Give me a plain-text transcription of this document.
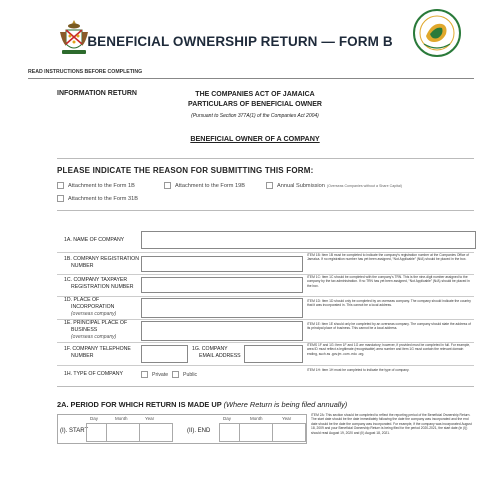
BENEFICIAL OWNERSHIP RETURN — FORM B
READ INSTRUCTIONS BEFORE COMPLETING
INFORMATION RETURN	THE COMPANIES ACT OF JAMAICA
PARTICULARS OF BENEFICIAL OWNER
(Pursuant to Section 377A(1) of the Companies Act 2004)
BENEFICIAL OWNER OF A COMPANY
PLEASE INDICATE THE REASON FOR SUBMITTING THIS FORM:
Attachment to the Form 1B	Attachment to the Form 19B	Annual Submission (Overseas Companies without a Share Capital)
Attachment to the Form 31B
1A. NAME OF COMPANY
1B. COMPANY REGISTRATION
NUMBER
ITEM 1B: Item 1B must be completed to indicate the company’s registration number at the Companies Office of Jamaica. If no registration number has yet been assigned, “Not Applicable” (N/A) should be placed in the box.
1C. COMPANY TAXPAYER
REGISTRATION NUMBER
ITEM 1C: Item 1C should be completed with the company’s TRN. This is the nine-digit number assigned to the company by the tax administration. If no TRN has yet been assigned, “Not Applicable” (N/A) should be placed in the box.
1D. PLACE OF
INCORPORATION
(overseas company)
ITEM 1D: Item 1D should only be completed by an overseas company. The company should indicate the country that it was incorporated in. This cannot be a local address.
1E. PRINCIPAL PLACE OF
BUSINESS
(overseas company)
ITEM 1E: Item 1E should only be completed by an overseas company. The company should state the address of its principal place of business. This cannot be a local address.
1F. COMPANY TELEPHONE
NUMBER
1G. COMPANY
EMAIL ADDRESS
ITEMS 1F and 1G: Item 1F and 1G are mandatory; however, if provided must be completed in full. For example, area ID must reflect a legitimate (recognisable) area number and item 1G must contain the relevant domain ending, such as .gov.jm .com .edu .org.
1H. TYPE OF COMPANY	Private	Public
ITEM 1H: Item 1H must be completed to indicate the type of company.
2A. PERIOD FOR WHICH RETURN IS MADE UP (Where Return is being filed annually)
(I). START
Day	Month	Year
(II). END
Day	Month	Year
ITEM 2A: This section should be completed to reflect the reporting period of the Beneficial Ownership Return. The start date should be the date immediately following the date the company was incorporated and the end date should be the date the company was incorporated. For example, if the company was incorporated August 18, 2009 and your Beneficial Ownership Return is being filed for the period 2020-2021, the start date (in (I)) should read August 19, 2020 and (II) August 18, 2021.
